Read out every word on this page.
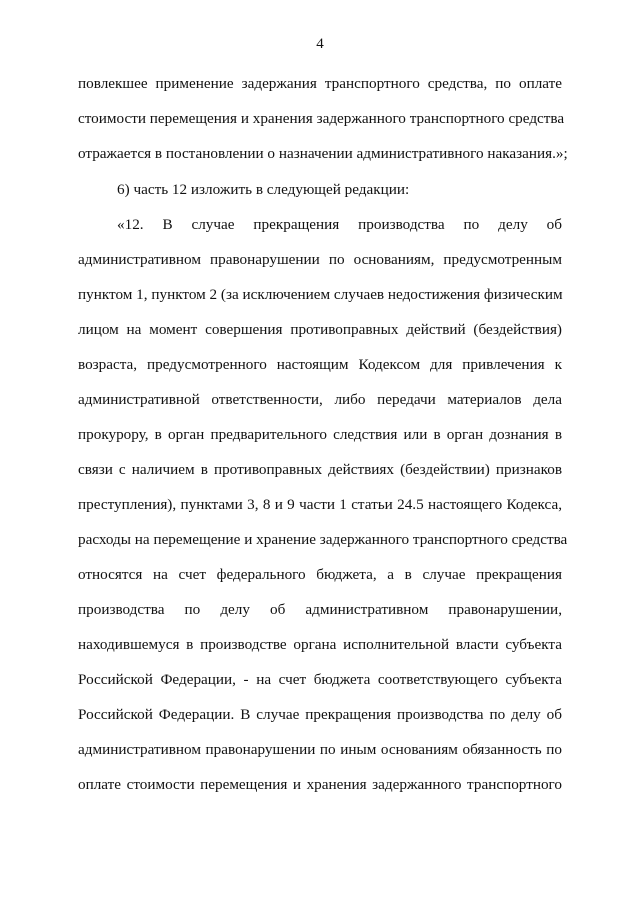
4
повлекшее применение задержания транспортного средства, по оплате
стоимости перемещения и хранения задержанного транспортного средства
отражается в постановлении о назначении административного наказания.»;
6) часть 12 изложить в следующей редакции:
«12. В случае прекращения производства по делу об
административном правонарушении по основаниям, предусмотренным
пунктом 1, пунктом 2 (за исключением случаев недостижения физическим
лицом на момент совершения противоправных действий (бездействия)
возраста, предусмотренного настоящим Кодексом для привлечения к
административной ответственности, либо передачи материалов дела
прокурору, в орган предварительного следствия или в орган дознания в
связи с наличием в противоправных действиях (бездействии) признаков
преступления), пунктами 3, 8 и 9 части 1 статьи 24.5 настоящего Кодекса,
расходы на перемещение и хранение задержанного транспортного средства
относятся на счет федерального бюджета, а в случае прекращения
производства по делу об административном правонарушении,
находившемуся в производстве органа исполнительной власти субъекта
Российской Федерации, - на счет бюджета соответствующего субъекта
Российской Федерации. В случае прекращения производства по делу об
административном правонарушении по иным основаниям обязанность по
оплате стоимости перемещения и хранения задержанного транспортного
